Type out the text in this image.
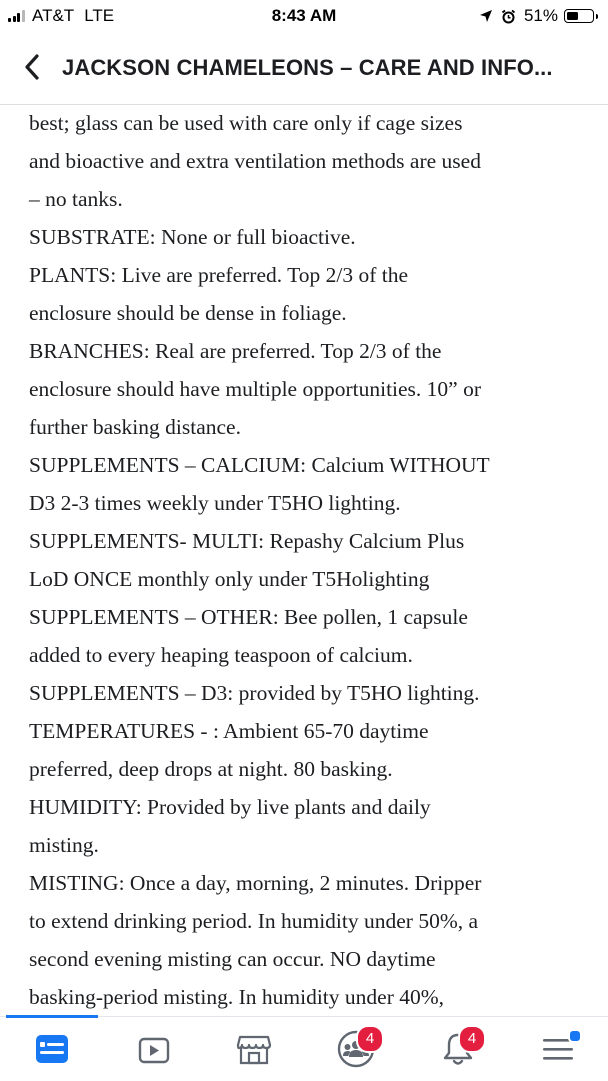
AT&T LTE	8:43 AM	51%
JACKSON CHAMELEONS – CARE AND INFO...
best; glass can be used with care only if cage sizes
and bioactive and extra ventilation methods are used
– no tanks.
SUBSTRATE: None or full bioactive.
PLANTS: Live are preferred. Top 2/3 of the
enclosure should be dense in foliage.
BRANCHES: Real are preferred. Top 2/3 of the
enclosure should have multiple opportunities. 10” or
further basking distance.
SUPPLEMENTS – CALCIUM: Calcium WITHOUT
D3 2-3 times weekly under T5HO lighting.
SUPPLEMENTS- MULTI: Repashy Calcium Plus
LoD ONCE monthly only under T5Holighting
SUPPLEMENTS – OTHER: Bee pollen, 1 capsule
added to every heaping teaspoon of calcium.
SUPPLEMENTS – D3: provided by T5HO lighting.
TEMPERATURES - : Ambient 65-70 daytime
preferred, deep drops at night. 80 basking.
HUMIDITY: Provided by live plants and daily
misting.
MISTING: Once a day, morning, 2 minutes. Dripper
to extend drinking period. In humidity under 50%, a
second evening misting can occur. NO daytime
basking-period misting. In humidity under 40%,
4	4
